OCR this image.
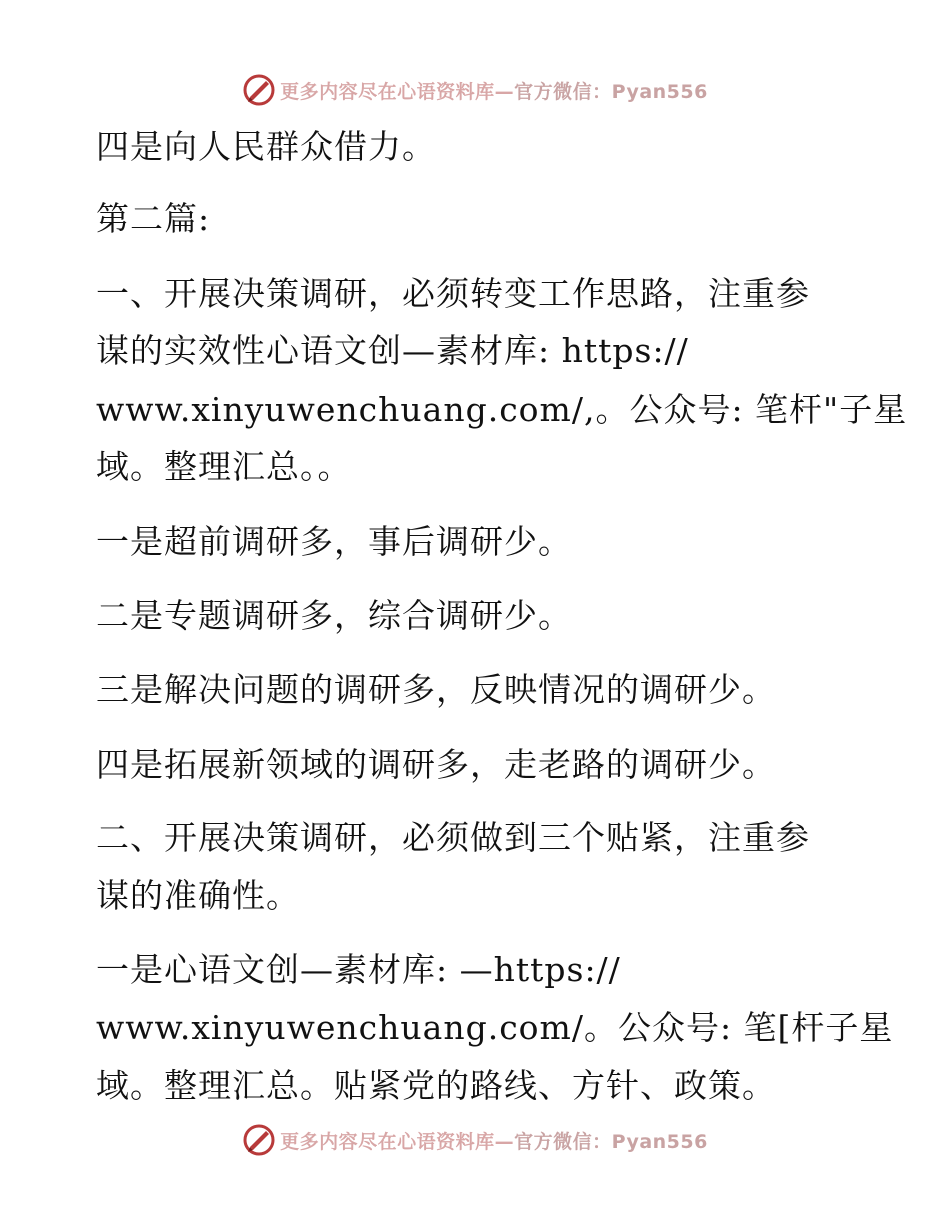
更多内容尽在心语资料库—官方微信：Pyan556
四是向人民群众借力。
第二篇:
一、开展决策调研，必须转变工作思路，注重参
谋的实效性心语文创—素材库: https://
www.xinyuwenchuang.com/,。公众号: 笔杆"子星
域。整理汇总。。
一是超前调研多，事后调研少。
二是专题调研多，综合调研少。
三是解决问题的调研多，反映情况的调研少。
四是拓展新领域的调研多，走老路的调研少。
二、开展决策调研，必须做到三个贴紧，注重参
谋的准确性。
一是心语文创—素材库: —https://
www.xinyuwenchuang.com/。公众号: 笔[杆子星
域。整理汇总。贴紧党的路线、方针、政策。
更多内容尽在心语资料库—官方微信：Pyan556
